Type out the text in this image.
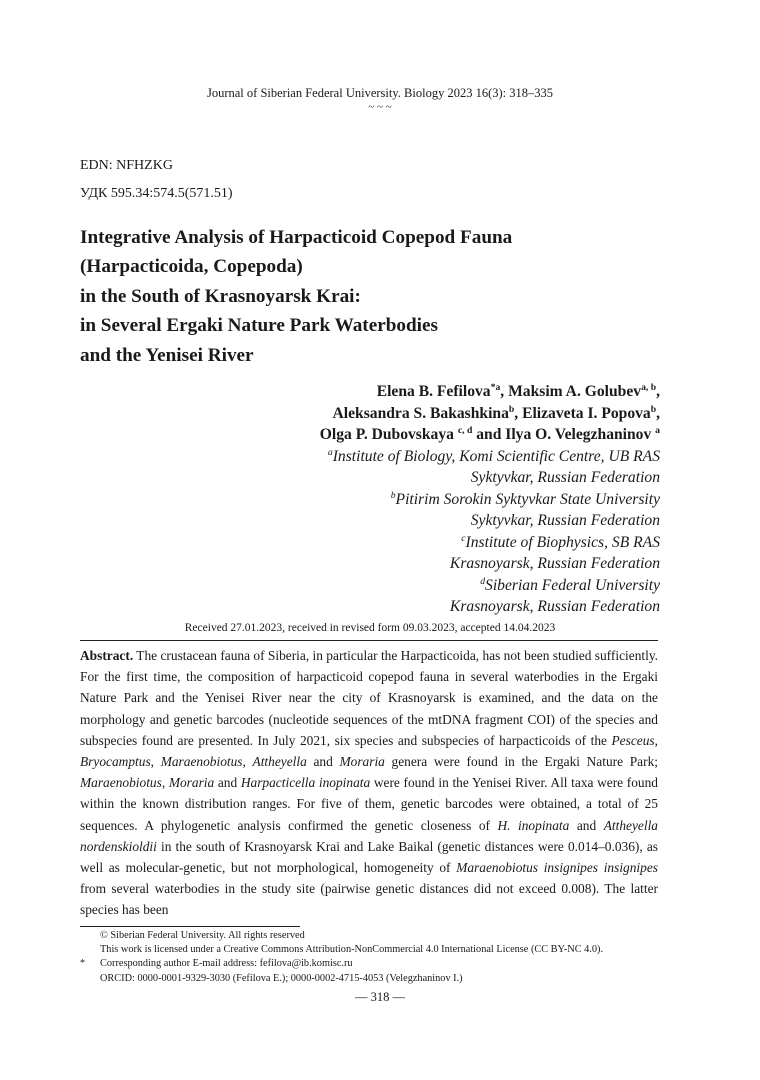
Journal of Siberian Federal University. Biology 2023 16(3): 318–335
~ ~ ~
EDN: NFHZKG
УДК 595.34:574.5(571.51)
Integrative Analysis of Harpacticoid Copepod Fauna
(Harpacticoida, Copepoda)
in the South of Krasnoyarsk Krai:
in Several Ergaki Nature Park Waterbodies
and the Yenisei River
Elena B. Fefilova$^{*a}$, Maksim A. Golubev$^{a, b}$,
Aleksandra S. Bakashkina$^b$, Elizaveta I. Popova$^b$,
Olga P. Dubovskaya $^{c, d}$ and Ilya O. Velegzhaninov $^a$
$^a$Institute of Biology, Komi Scientific Centre, UB RAS
Syktyvkar, Russian Federation
$^b$Pitirim Sorokin Syktyvkar State University
Syktyvkar, Russian Federation
$^c$Institute of Biophysics, SB RAS
Krasnoyarsk, Russian Federation
$^d$Siberian Federal University
Krasnoyarsk, Russian Federation
Received 27.01.2023, received in revised form 09.03.2023, accepted 14.04.2023
Abstract. The crustacean fauna of Siberia, in particular the Harpacticoida, has not been studied sufficiently. For the first time, the composition of harpacticoid copepod fauna in several waterbodies in the Ergaki Nature Park and the Yenisei River near the city of Krasnoyarsk is examined, and the data on the morphology and genetic barcodes (nucleotide sequences of the mtDNA fragment COI) of the species and subspecies found are presented. In July 2021, six species and subspecies of harpacticoids of the Pesceus, Bryocamptus, Maraenobiotus, Attheyella and Moraria genera were found in the Ergaki Nature Park; Maraenobiotus, Moraria and Harpacticella inopinata were found in the Yenisei River. All taxa were found within the known distribution ranges. For five of them, genetic barcodes were obtained, a total of 25 sequences. A phylogenetic analysis confirmed the genetic closeness of H. inopinata and Attheyella nordenskioldii in the south of Krasnoyarsk Krai and Lake Baikal (genetic distances were 0.014–0.036), as well as molecular-genetic, but not morphological, homogeneity of Maraenobiotus insignipes insignipes from several waterbodies in the study site (pairwise genetic distances did not exceed 0.008). The latter species has been
© Siberian Federal University. All rights reserved
This work is licensed under a Creative Commons Attribution-NonCommercial 4.0 International License (CC BY-NC 4.0).
* Corresponding author E-mail address: fefilova@ib.komisc.ru
ORCID: 0000-0001-9329-3030 (Fefilova E.); 0000-0002-4715-4053 (Velegzhaninov I.)
— 318 —
